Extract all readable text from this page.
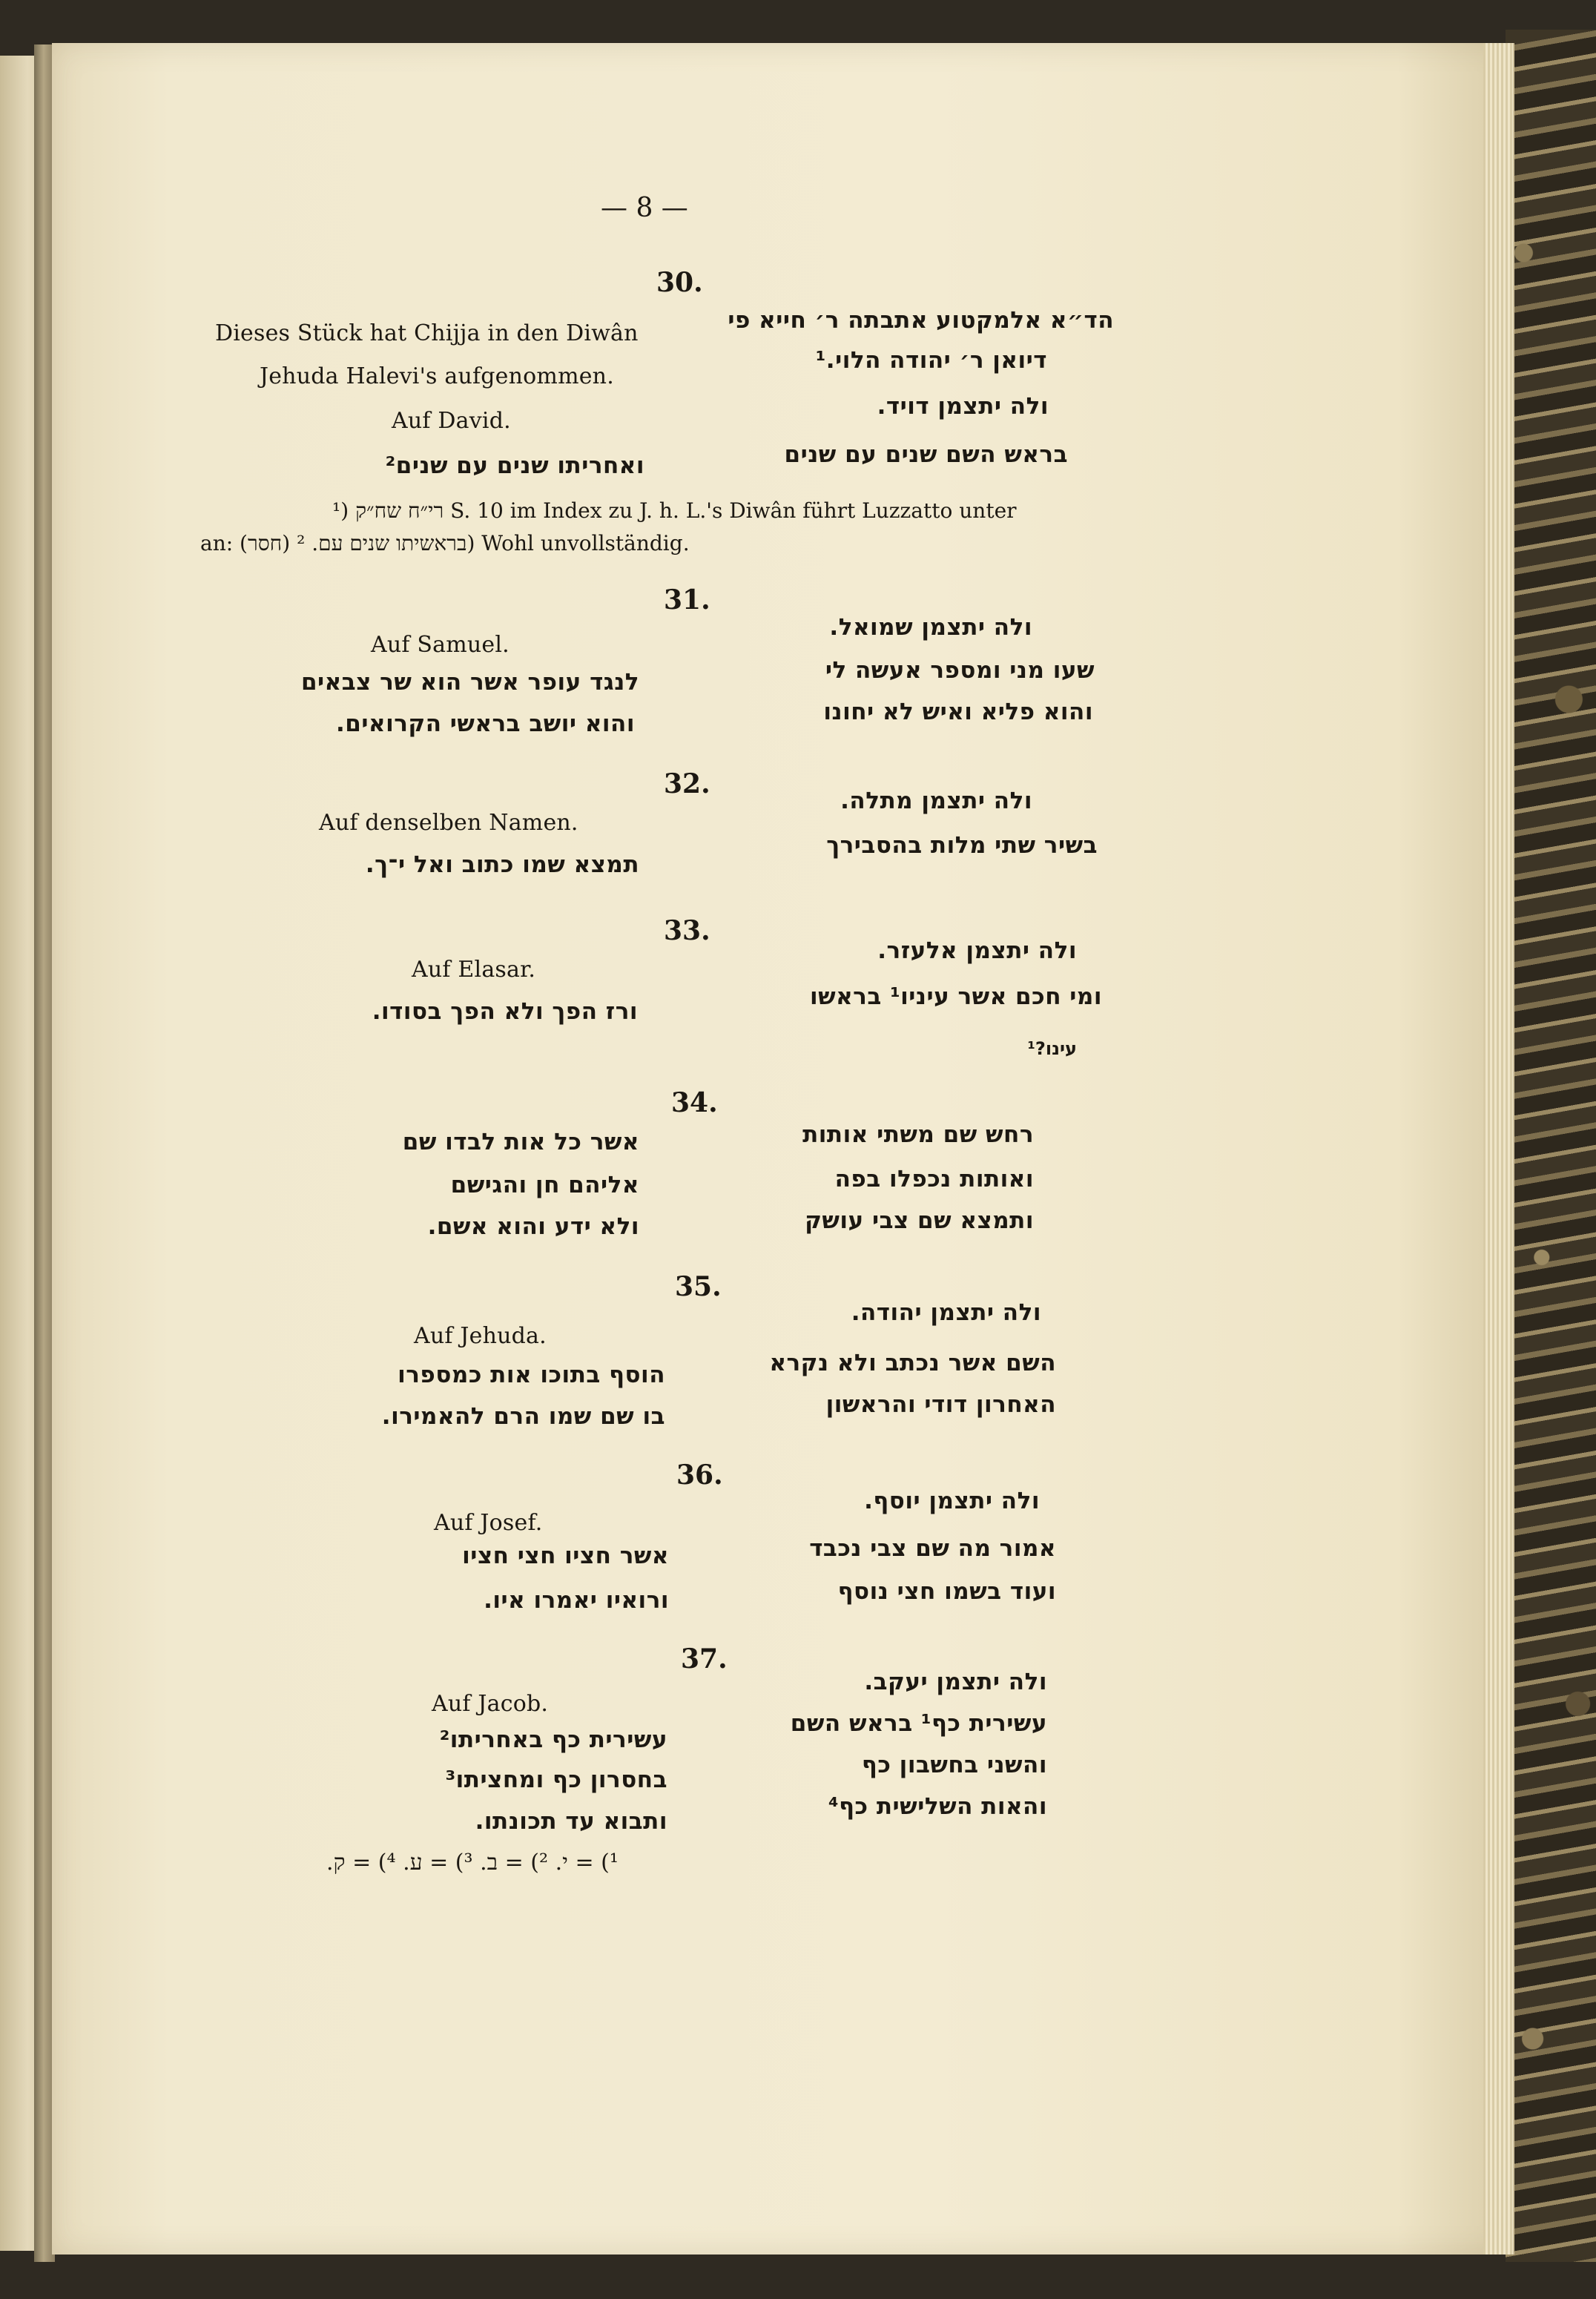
— 8 —
30.
Dieses Stück hat Chijja in den Diwân
Jehuda Halevi's aufgenommen.
Auf David.
ואחריתו שנים עם שנים²
הד״א אלמקטוע אתבתה ר׳ חייא פי
דיואן ר׳ יהודה הלוי.¹
ולה יתצמן דויד.
בראש השם שנים עם שנים
¹) רי״ח שח״ק S. 10 im Index zu J. h. L.'s Diwân führt Luzzatto unter
an: (חסר) בראשיתו שנים עם. ²) Wohl unvollständig.
31.
Auf Samuel.
לנגד עופר אשר הוא שר צבאים
והוא יושב בראשי הקרואים.
ולה יתצמן שמואל.
שעו מני ומספר אעשה לי
והוא פליא ואיש לא יחונו
32.
Auf denselben Namen.
תמצא שמו כתוב ואל י־ך.
ולה יתצמן מתלה.
בשיר שתי מלות בהסבירך
33.
Auf Elasar.
ורז הפך ולא הפך בסודו.
ולה יתצמן אלעזר.
ומי חכם אשר עיניו¹ בראשו
עינו?¹
34.
אשר כל אות לבדו שם
אליהם חן והגישם
ולא ידע והוא אשם.
רחש שם משתי אותות
ואותות נכפלו בפה
ותמצא שם צבי עושק
35.
Auf Jehuda.
הוסף בתוכו אות כמספרו
בו שם שמו הרם להאמירו.
ולה יתצמן יהודה.
השם אשר נכתב ולא נקרא
האחרון דודי והראשון
36.
Auf Josef.
אשר חציו חצי חציו
ורואיו יאמרו איו.
ולה יתצמן יוסף.
אמור מה שם צבי נכבד
ועוד בשמו חצי נוסף
37.
Auf Jacob.
עשירית כף באחריתו²
בחסרון כף ומחציתו³
ותבוא עד תכונתו.
ולה יתצמן יעקב.
עשירית כף¹ בראש השם
והשני בחשבון כף
והאות השלישית כף⁴
¹) = י. ²) = ב. ³) = ע. ⁴) = ק.
